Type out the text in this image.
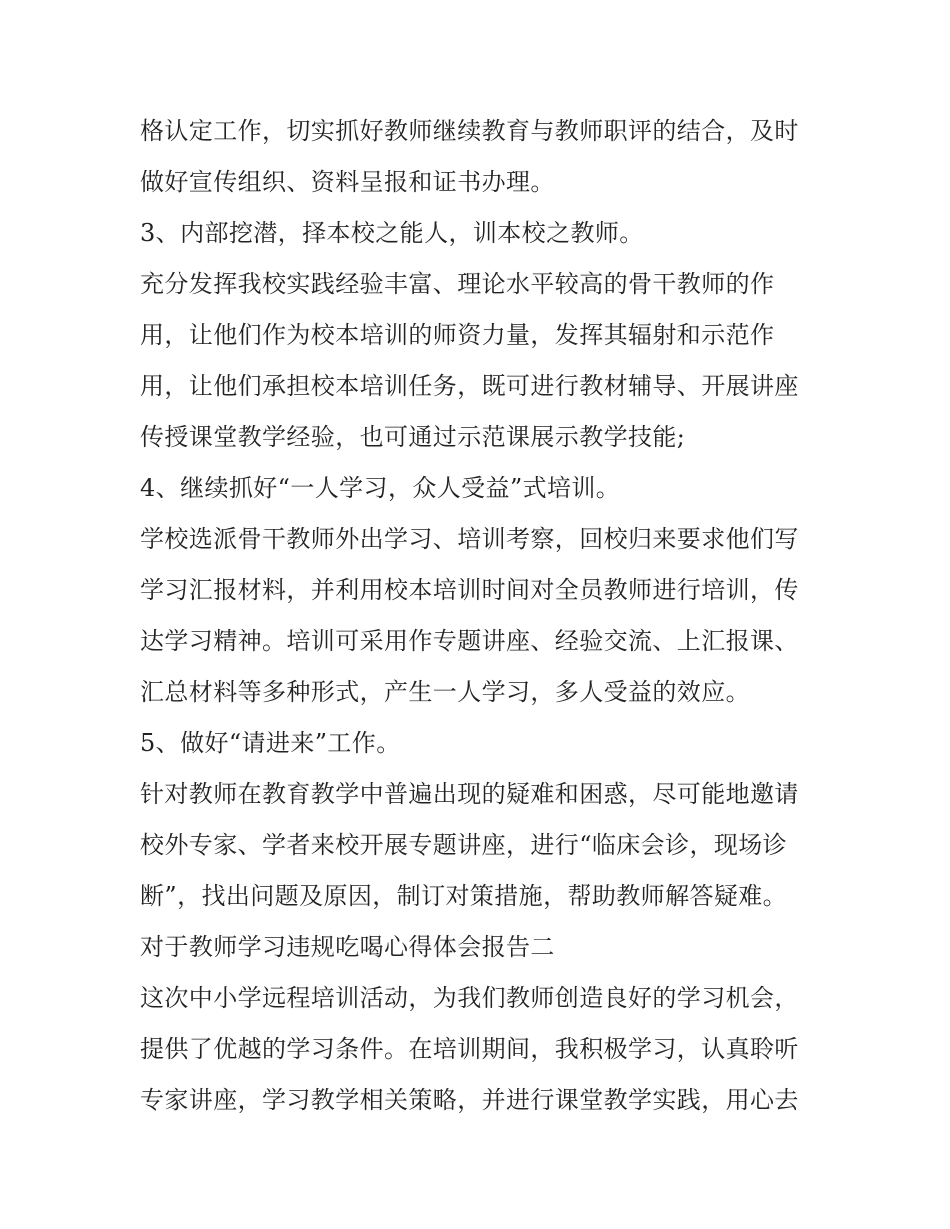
格认定工作，切实抓好教师继续教育与教师职评的结合，及时
做好宣传组织、资料呈报和证书办理。
3、内部挖潜，择本校之能人，训本校之教师。
充分发挥我校实践经验丰富、理论水平较高的骨干教师的作
用，让他们作为校本培训的师资力量，发挥其辐射和示范作
用，让他们承担校本培训任务，既可进行教材辅导、开展讲座
传授课堂教学经验，也可通过示范课展示教学技能;
4、继续抓好“一人学习，众人受益”式培训。
学校选派骨干教师外出学习、培训考察，回校归来要求他们写
学习汇报材料，并利用校本培训时间对全员教师进行培训，传
达学习精神。培训可采用作专题讲座、经验交流、上汇报课、
汇总材料等多种形式，产生一人学习，多人受益的效应。
5、做好“请进来”工作。
针对教师在教育教学中普遍出现的疑难和困惑，尽可能地邀请
校外专家、学者来校开展专题讲座，进行“临床会诊，现场诊
断”，找出问题及原因，制订对策措施，帮助教师解答疑难。
对于教师学习违规吃喝心得体会报告二
这次中小学远程培训活动，为我们教师创造良好的学习机会，
提供了优越的学习条件。在培训期间，我积极学习，认真聆听
专家讲座，学习教学相关策略，并进行课堂教学实践，用心去
